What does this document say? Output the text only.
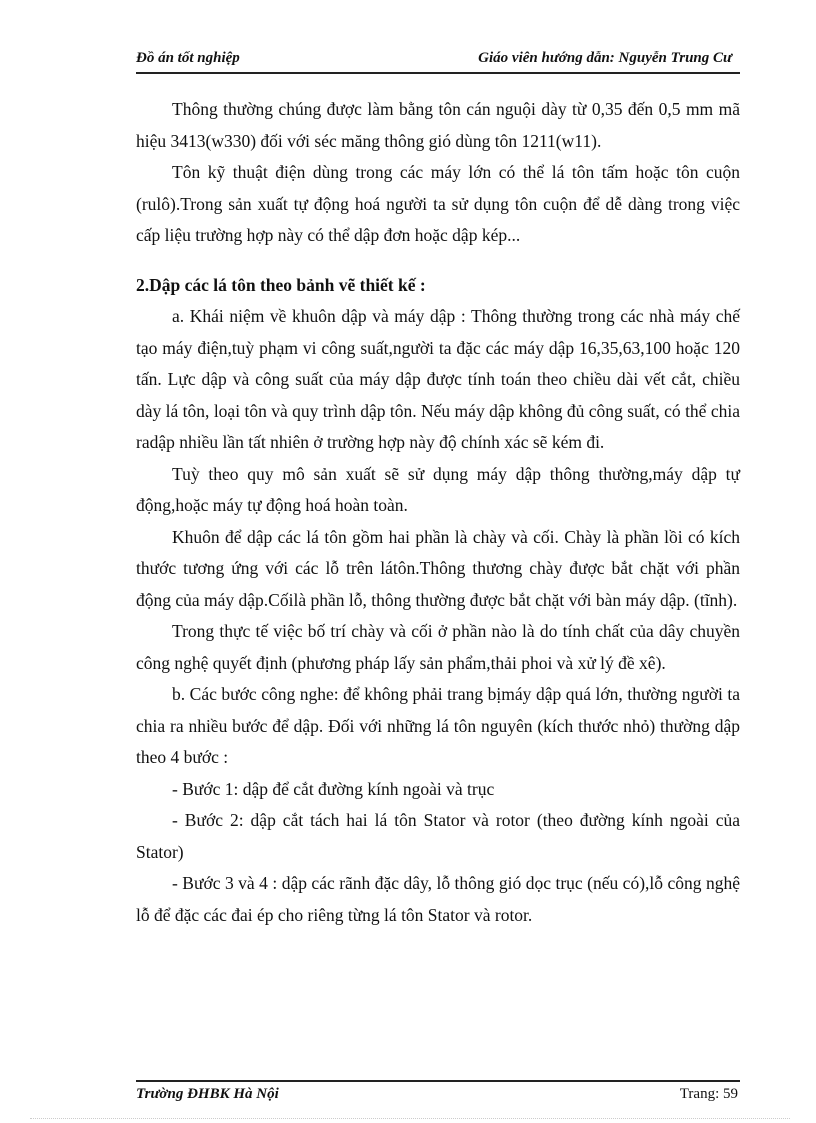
Đồ án tốt nghiệp	Giáo viên hướng dẫn: Nguyễn Trung Cư

Thông thường chúng được làm bằng tôn cán nguội dày từ 0,35 đến 0,5 mm mã hiệu 3413(w330) đối với séc măng thông gió dùng tôn 1211(w11).

Tôn kỹ thuật điện dùng trong các máy lớn có thể lá tôn tấm hoặc tôn cuộn (rulô).Trong sản xuất tự động hoá người ta sử dụng tôn cuộn để dễ dàng trong việc cấp liệu trường hợp này có thể dập đơn hoặc dập kép...

2.Dập các lá tôn theo bảnh vẽ thiết kế :

a. Khái niệm về khuôn dập và máy dập : Thông thường trong các nhà máy chế tạo máy điện,tuỳ phạm vi công suất,người ta đặc các máy dập 16,35,63,100 hoặc 120 tấn. Lực dập và công suất của máy dập được tính toán theo chiều dài vết cắt, chiều dày lá tôn, loại tôn và quy trình dập tôn. Nếu máy dập không đủ công suất, có thể chia radập nhiều lần tất nhiên ở trường hợp này độ chính xác sẽ kém đi.

Tuỳ theo quy mô sản xuất sẽ sử dụng máy dập thông thường,máy dập tự động,hoặc máy tự động hoá hoàn toàn.

Khuôn để dập các lá tôn gồm hai phần là chày và cối. Chày là phần lồi có kích thước tương ứng với các lỗ trên látôn.Thông thương chày được bắt chặt với phần động của máy dập.Cốilà phần lỗ, thông thường được bắt chặt với bàn máy dập. (tĩnh).

Trong thực tế việc bố trí chày và cối ở phần nào là do tính chất của dây chuyền công nghệ quyết định (phương pháp lấy sản phẩm,thải phoi và xử lý đề xê).

b. Các bước công nghe: để không phải trang bịmáy dập quá lớn, thường người ta chia ra nhiều bước để dập. Đối với những lá tôn nguyên (kích thước nhỏ) thường dập theo 4 bước :

- Bước 1: dập để cắt đường kính ngoài và trục

- Bước 2: dập cắt tách hai lá tôn Stator và rotor (theo đường kính ngoài của Stator)

- Bước 3 và 4 : dập các rãnh đặc dây, lỗ thông gió dọc trục (nếu có),lỗ công nghệ lỗ để đặc các đai ép cho riêng từng lá tôn Stator và rotor.

Trường ĐHBK Hà Nội	Trang: 59
